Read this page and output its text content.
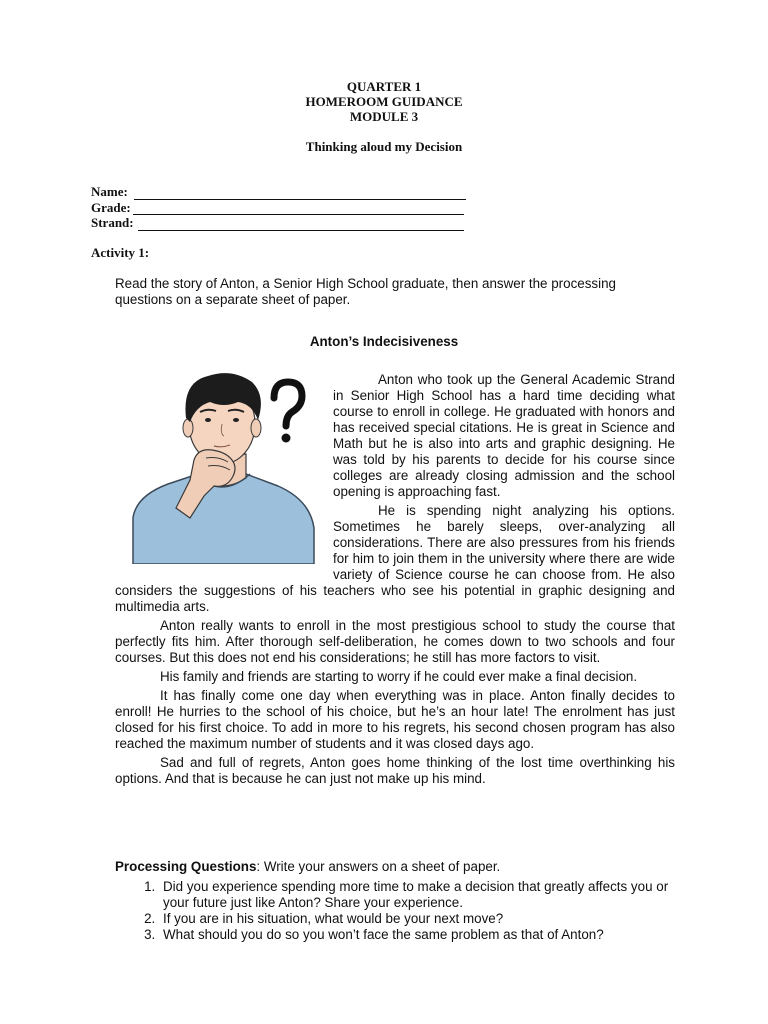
QUARTER 1
HOMEROOM GUIDANCE
MODULE 3
Thinking aloud my Decision
Name:
Grade:
Strand:
Activity 1:
Read the story of Anton, a Senior High School graduate, then answer the processing questions on a separate sheet of paper.
Anton’s Indecisiveness

Anton who took up the General Academic Strand in Senior High School has a hard time deciding what course to enroll in college. He graduated with honors and has received special citations. He is great in Science and Math but he is also into arts and graphic designing. He was told by his parents to decide for his course since colleges are already closing admission and the school opening is approaching fast.

He is spending night analyzing his options. Sometimes he barely sleeps, over-analyzing all considerations. There are also pressures from his friends for him to join them in the university where there are wide variety of Science course he can choose from. He also considers the suggestions of his teachers who see his potential in graphic designing and multimedia arts.

Anton really wants to enroll in the most prestigious school to study the course that perfectly fits him. After thorough self-deliberation, he comes down to two schools and four courses. But this does not end his considerations; he still has more factors to visit.

His family and friends are starting to worry if he could ever make a final decision.

It has finally come one day when everything was in place. Anton finally decides to enroll! He hurries to the school of his choice, but he’s an hour late! The enrolment has just closed for his first choice. To add in more to his regrets, his second chosen program has also reached the maximum number of students and it was closed days ago.

Sad and full of regrets, Anton goes home thinking of the lost time overthinking his options. And that is because he can just not make up his mind.

Processing Questions: Write your answers on a sheet of paper.
1. Did you experience spending more time to make a decision that greatly affects you or your future just like Anton? Share your experience.
2. If you are in his situation, what would be your next move?
3. What should you do so you won’t face the same problem as that of Anton?
